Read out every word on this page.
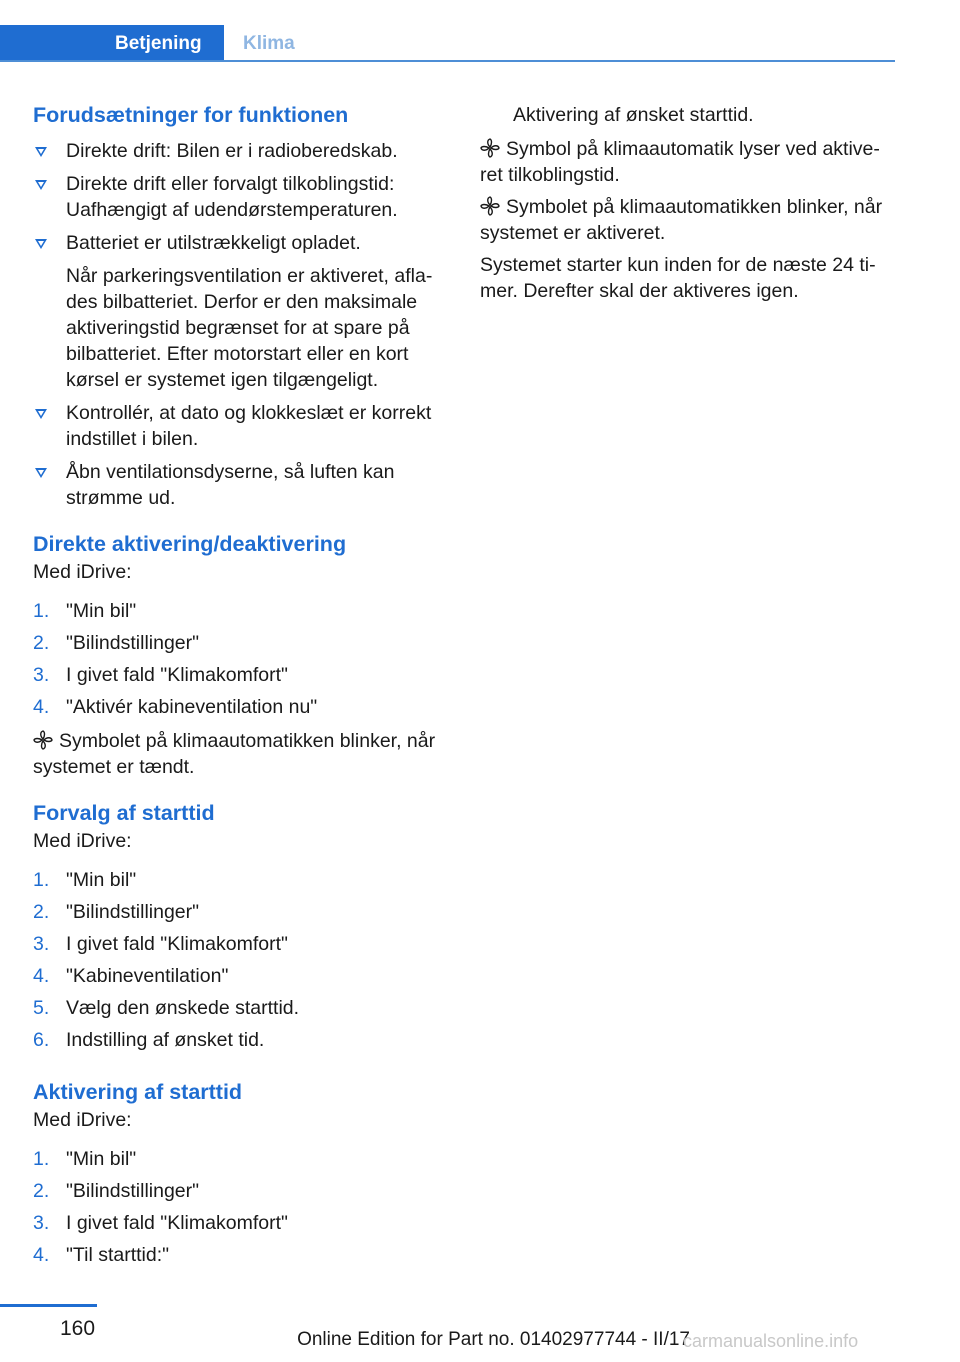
Betjening	Klima
Forudsætninger for funktionen
Direkte drift: Bilen er i radioberedskab.
Direkte drift eller forvalgt tilkoblingstid: Uafhængigt af udendørstemperaturen.
Batteriet er utilstrækkeligt opladet.

Når parkeringsventilation er aktiveret, afla-des bilbatteriet. Derfor er den maksimale aktiveringstid begrænset for at spare på bilbatteriet. Efter motorstart eller en kort kørsel er systemet igen tilgængeligt.

Kontrollér, at dato og klokkeslæt er korrekt indstillet i bilen.
Åbn ventilationsdyserne, så luften kan strømme ud.
Direkte aktivering/deaktivering

Med iDrive:

1. "Min bil"
2. "Bilindstillinger"
3. I givet fald "Klimakomfort"
4. "Aktivér kabineventilation nu"

Symbolet på klimaautomatikken blinker, når systemet er tændt.

Forvalg af starttid

Med iDrive:

1. "Min bil"
2. "Bilindstillinger"
3. I givet fald "Klimakomfort"
4. "Kabineventilation"
5. Vælg den ønskede starttid.
6. Indstilling af ønsket tid.
Aktivering af starttid

Med iDrive:

1. "Min bil"
2. "Bilindstillinger"
3. I givet fald "Klimakomfort"
4. "Til starttid:"

Aktivering af ønsket starttid.

Symbol på klimaautomatik lyser ved aktive-ret tilkoblingstid.

Symbolet på klimaautomatikken blinker, når systemet er aktiveret.

Systemet starter kun inden for de næste 24 ti-mer. Derefter skal der aktiveres igen.

160	Online Edition for Part no. 01402977744 - II/17
carmanualsonline.info
